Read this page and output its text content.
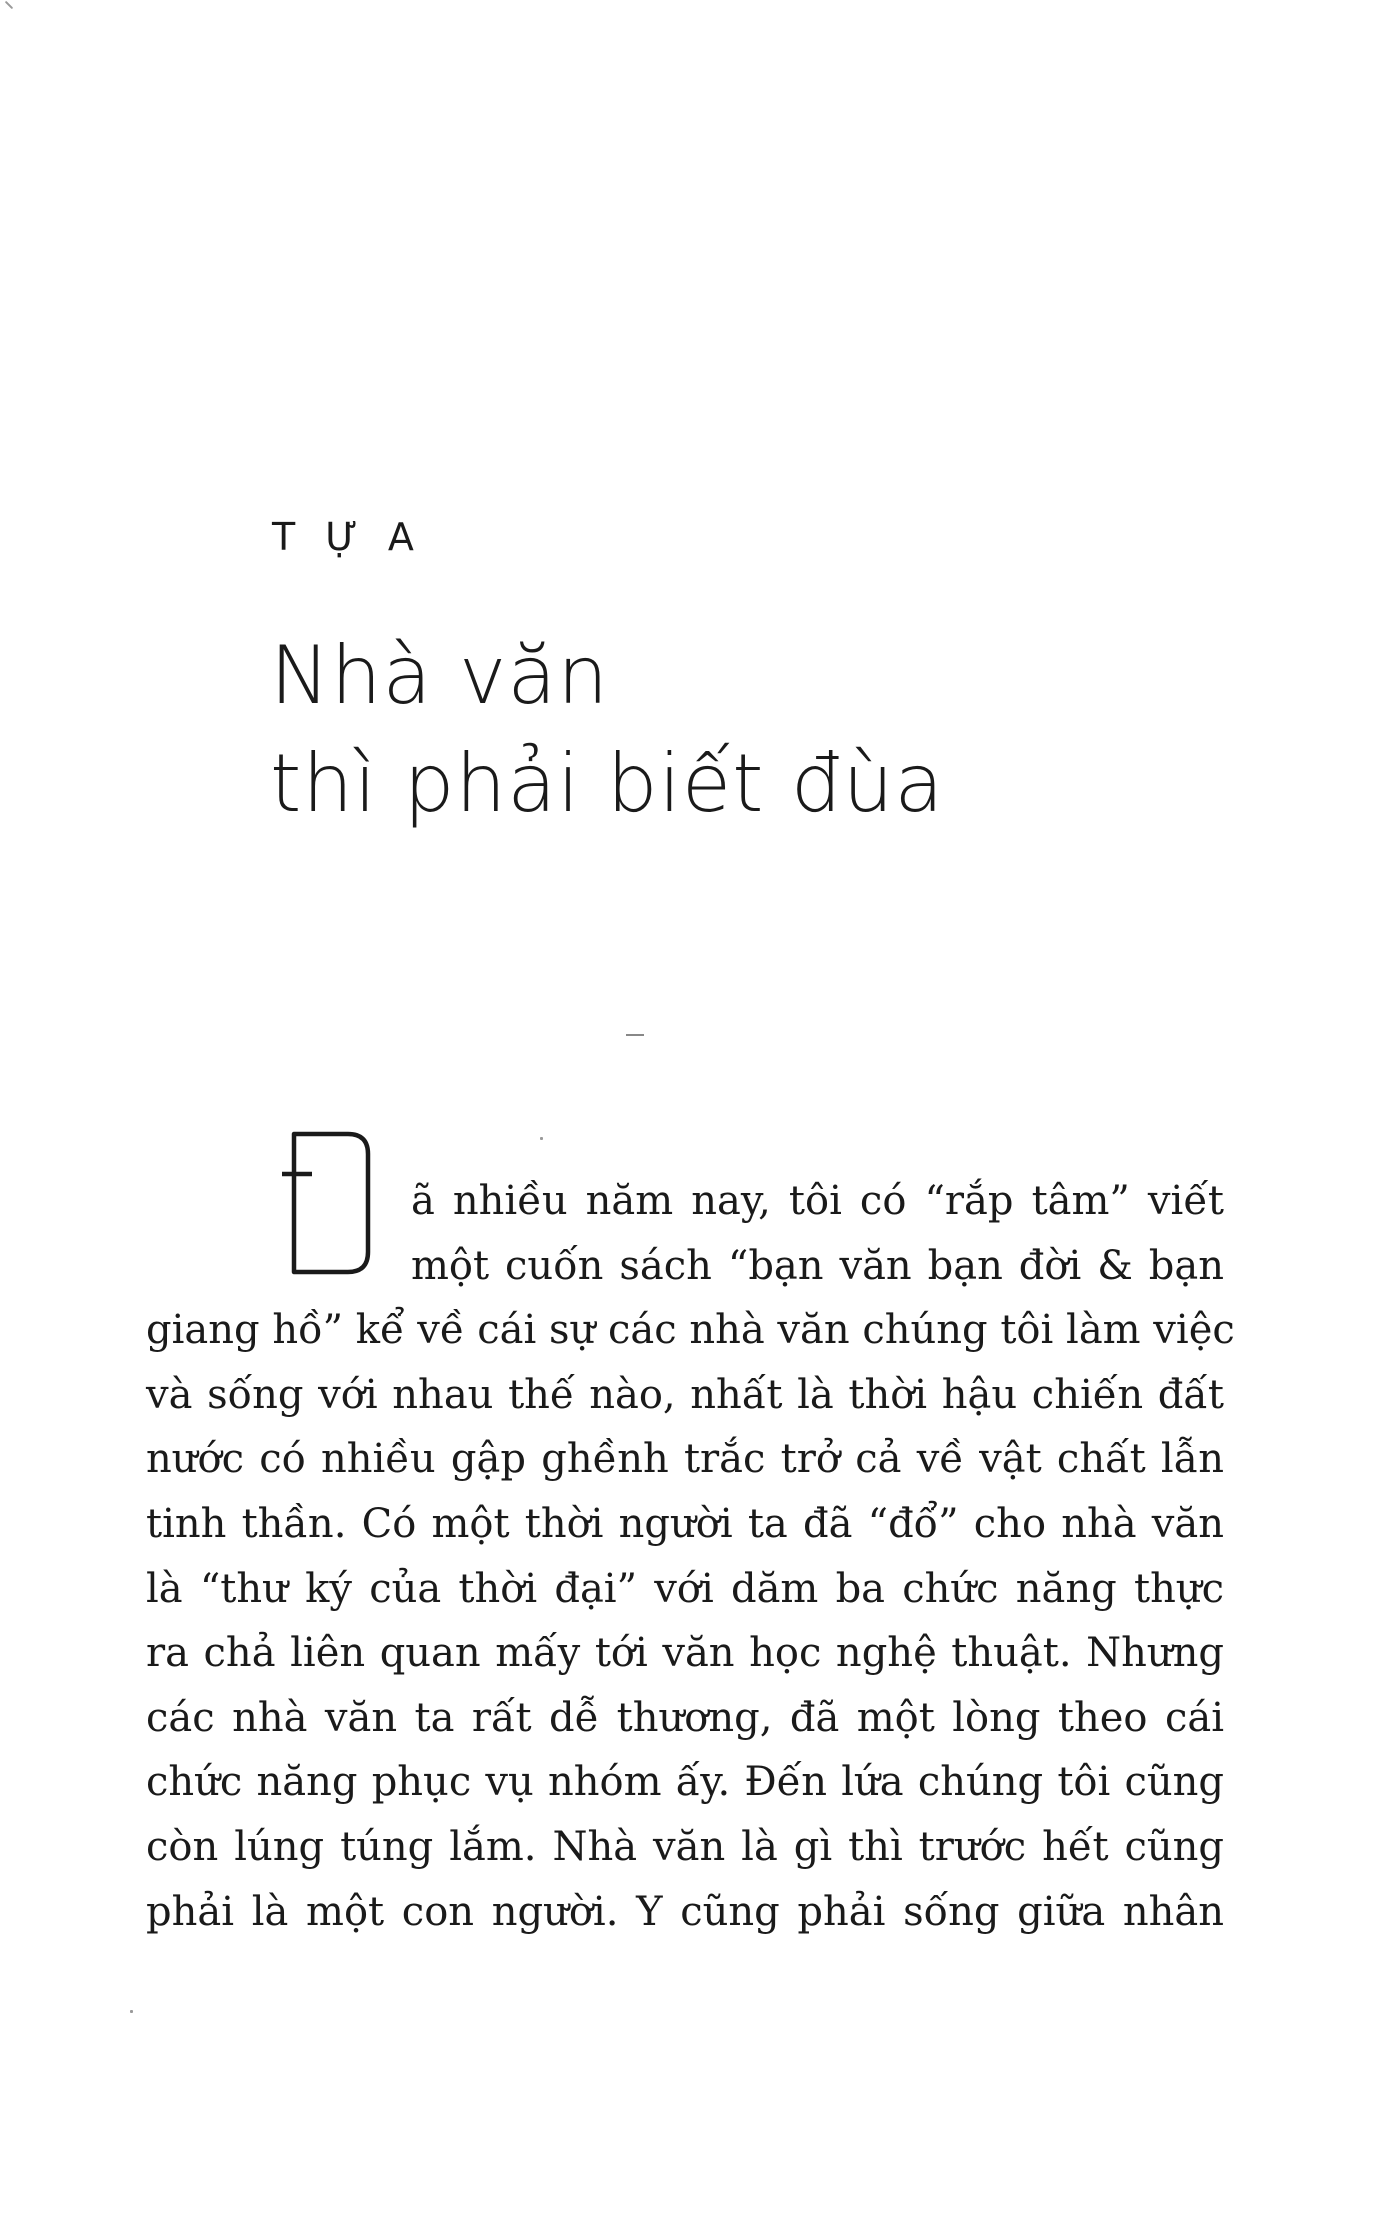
TỰA
Nhà văn
thì phải biết đùa
ã nhiều năm nay, tôi có “rắp tâm” viết
một cuốn sách “bạn văn bạn đời & bạn
giang hồ” kể về cái sự các nhà văn chúng tôi làm việc
và sống với nhau thế nào, nhất là thời hậu chiến đất
nước có nhiều gập ghềnh trắc trở cả về vật chất lẫn
tinh thần. Có một thời người ta đã “đổ” cho nhà văn
là “thư ký của thời đại” với dăm ba chức năng thực
ra chả liên quan mấy tới văn học nghệ thuật. Nhưng
các nhà văn ta rất dễ thương, đã một lòng theo cái
chức năng phục vụ nhóm ấy. Đến lứa chúng tôi cũng
còn lúng túng lắm. Nhà văn là gì thì trước hết cũng
phải là một con người. Y cũng phải sống giữa nhân
